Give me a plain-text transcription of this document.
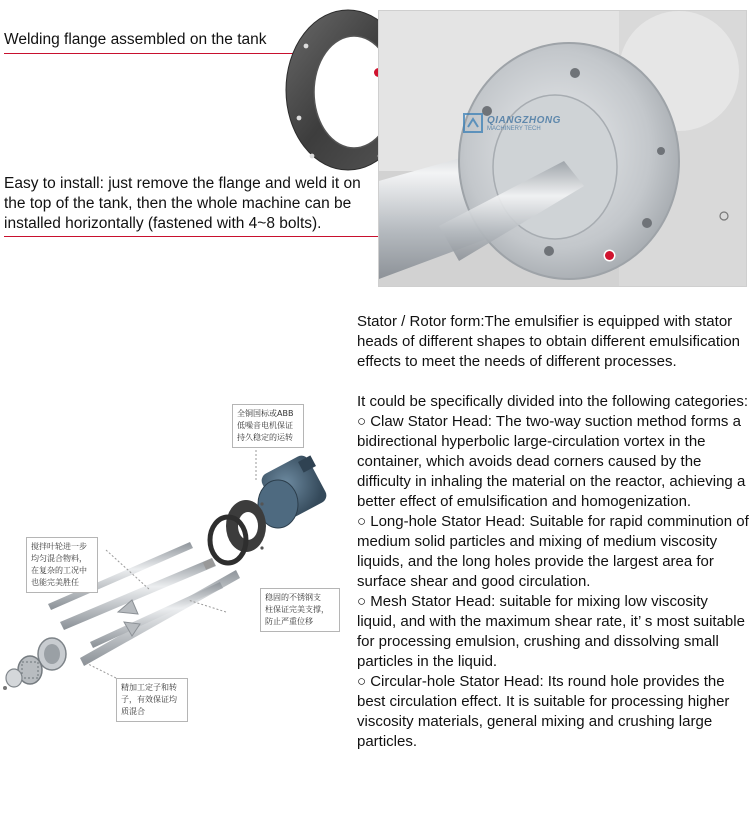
Welding flange assembled on the tank
Easy to install: just remove the flange and weld it on
the top of the tank, then the whole machine can be
installed horizontally (fastened with 4~8 bolts).
QIANGZHONG
MACHINERY TECH
全铜国标或ABB
低噪音电机保证
持久稳定的运转
搅拌叶轮进一步
均匀混合物料，
在复杂的工况中
也能完美胜任
稳固的不锈钢支
柱保证完美支撑，
防止严重位移
精加工定子和转
子，有效保证均
质混合

Stator / Rotor form:The emulsifier is equipped with stator heads of different shapes to obtain different emulsification effects to meet the needs of different processes.

It could be specifically divided into the following categories:

○ Claw Stator Head: The two-way suction method forms a bidirectional hyperbolic large-circulation vortex in the container, which avoids dead corners caused by the difficulty in inhaling the material on the reactor, achieving a better effect of emulsification and homogenization.

○ Long-hole Stator Head: Suitable for rapid comminution of medium solid particles and mixing of medium viscosity liquids, and the long holes provide the largest area for surface shear and good circulation.

○ Mesh Stator Head: suitable for mixing low viscosity liquid, and with the maximum shear rate, it’ s most suitable for processing emulsion, crushing and dissolving small particles in the liquid.

○ Circular-hole Stator Head: Its round hole provides the best circulation effect. It is suitable for processing higher viscosity materials, general mixing and crushing large particles.
